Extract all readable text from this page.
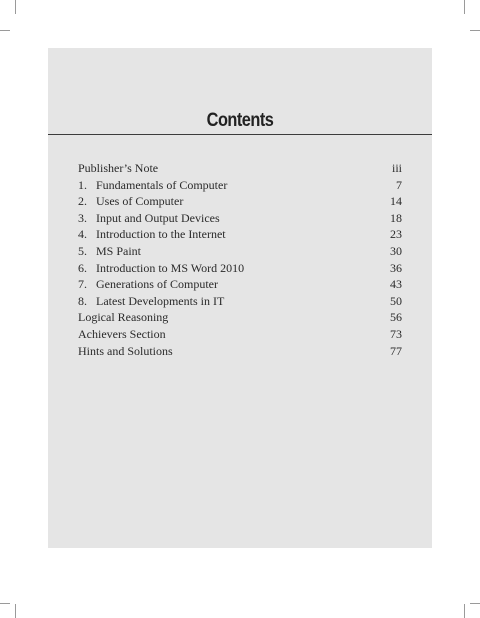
Contents
Publisher’s Note	iii
1. Fundamentals of Computer	7
2. Uses of Computer	14
3. Input and Output Devices	18
4. Introduction to the Internet	23
5. MS Paint	30
6. Introduction to MS Word 2010	36
7. Generations of Computer	43
8. Latest Developments in IT	50
Logical Reasoning	56
Achievers Section	73
Hints and Solutions	77
